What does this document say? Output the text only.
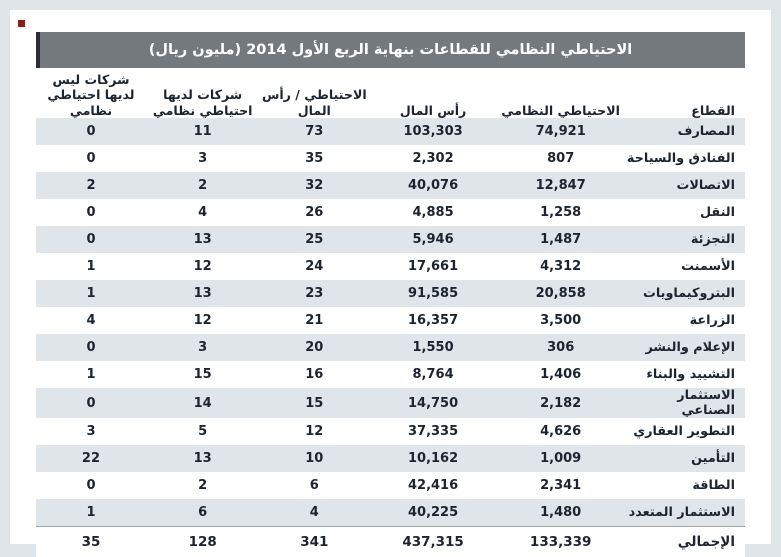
الاحتياطي النظامي للقطاعات بنهاية الربع الأول 2014 (مليون ريال)
القطاع	الاحتياطي النظامي	رأس المال	الاحتياطي / رأس المال	شركات لديها احتياطي نظامي	شركات ليس لديها احتياطي نظامي
المصارف	74,921	103,303	73	11	0
الفنادق والسياحة	807	2,302	35	3	0
الاتصالات	12,847	40,076	32	2	2
النقل	1,258	4,885	26	4	0
التجزئة	1,487	5,946	25	13	0
الأسمنت	4,312	17,661	24	12	1
البتروكيماويات	20,858	91,585	23	13	1
الزراعة	3,500	16,357	21	12	4
الإعلام والنشر	306	1,550	20	3	0
التشييد والبناء	1,406	8,764	16	15	1
الاستثمار الصناعي	2,182	14,750	15	14	0
التطوير العقاري	4,626	37,335	12	5	3
التأمين	1,009	10,162	10	13	22
الطاقة	2,341	42,416	6	2	0
الاستثمار المتعدد	1,480	40,225	4	6	1
الإجمالي	133,339	437,315	341	128	35
